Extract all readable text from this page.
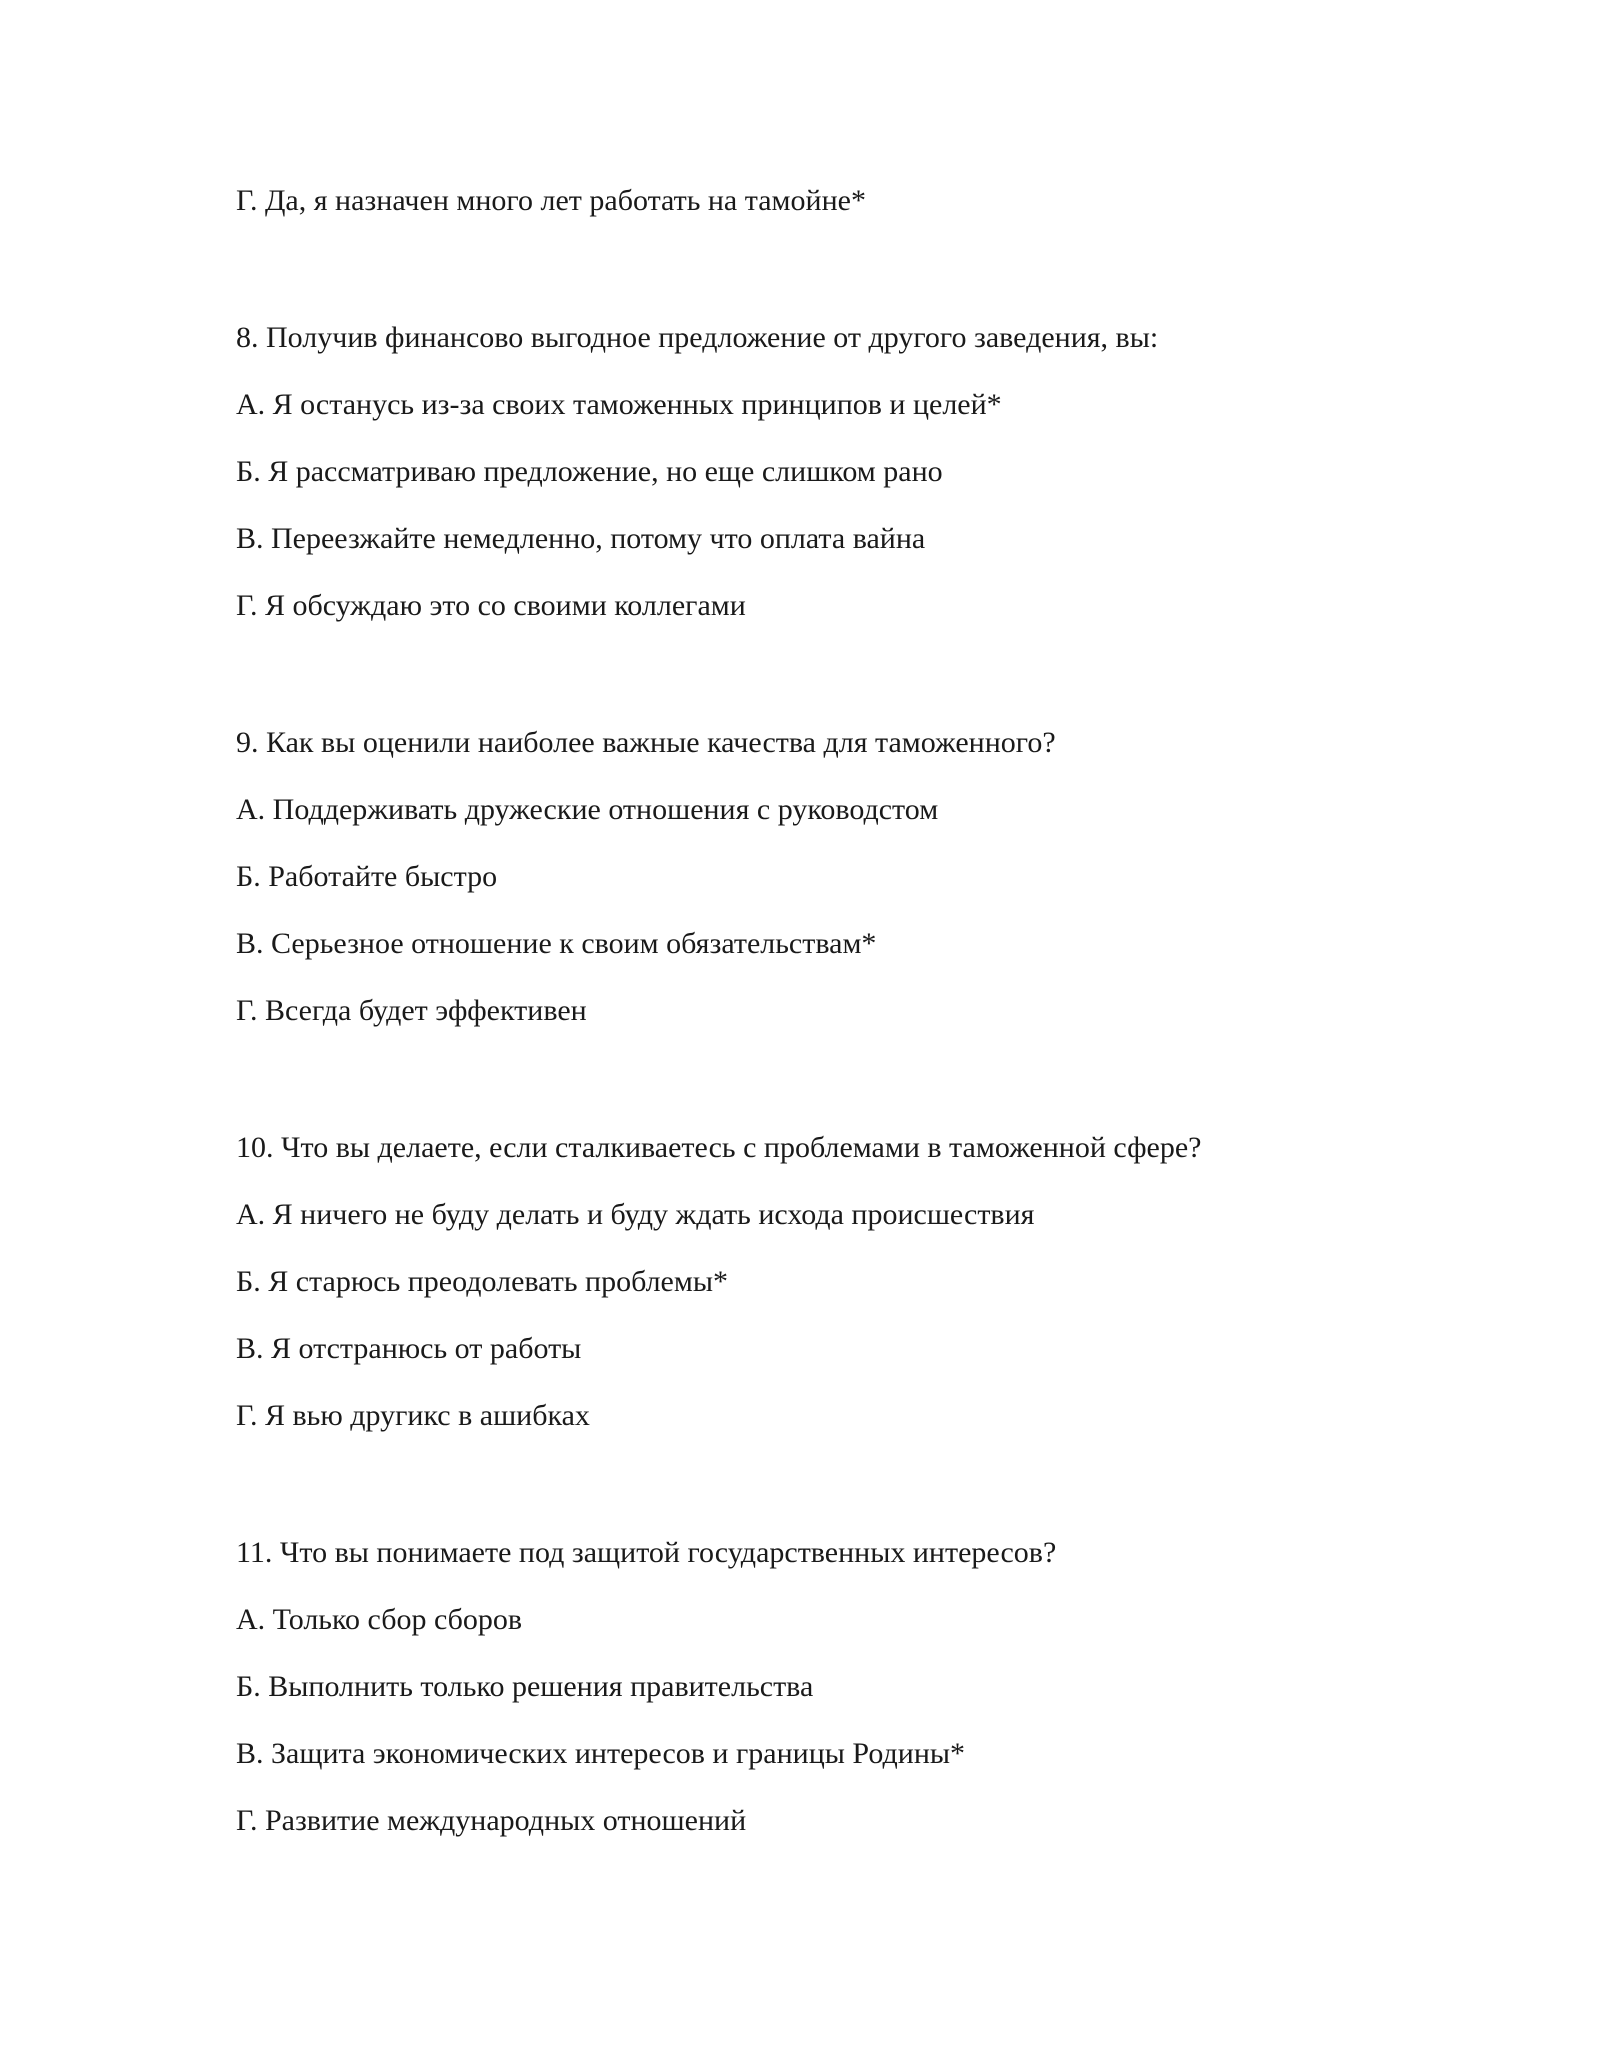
Г. Да, я назначен много лет работать на тамойне*

8. Получив финансово выгодное предложение от другого заведения, вы:

А. Я останусь из-за своих таможенных принципов и целей*

Б. Я рассматриваю предложение, но еще слишком рано

В. Переезжайте немедленно, потому что оплата вайна

Г. Я обсуждаю это со своими коллегами

9. Как вы оценили наиболее важные качества для таможенного?

А. Поддерживать дружеские отношения с руководстом

Б. Работайте быстро

В. Серьезное отношение к своим обязательствам*

Г. Всегда будет эффективен

10. Что вы делаете, если сталкиваетесь с проблемами в таможенной сфере?

А. Я ничего не буду делать и буду ждать исхода происшествия

Б. Я старюсь преодолевать проблемы*

В. Я отстранюсь от работы

Г. Я вью другикс в ашибках

11. Что вы понимаете под защитой государственных интересов?

А. Только сбор сборов

Б. Выполнить только решения правительства

В. Защита экономических интересов и границы Родины*

Г. Развитие международных отношений
